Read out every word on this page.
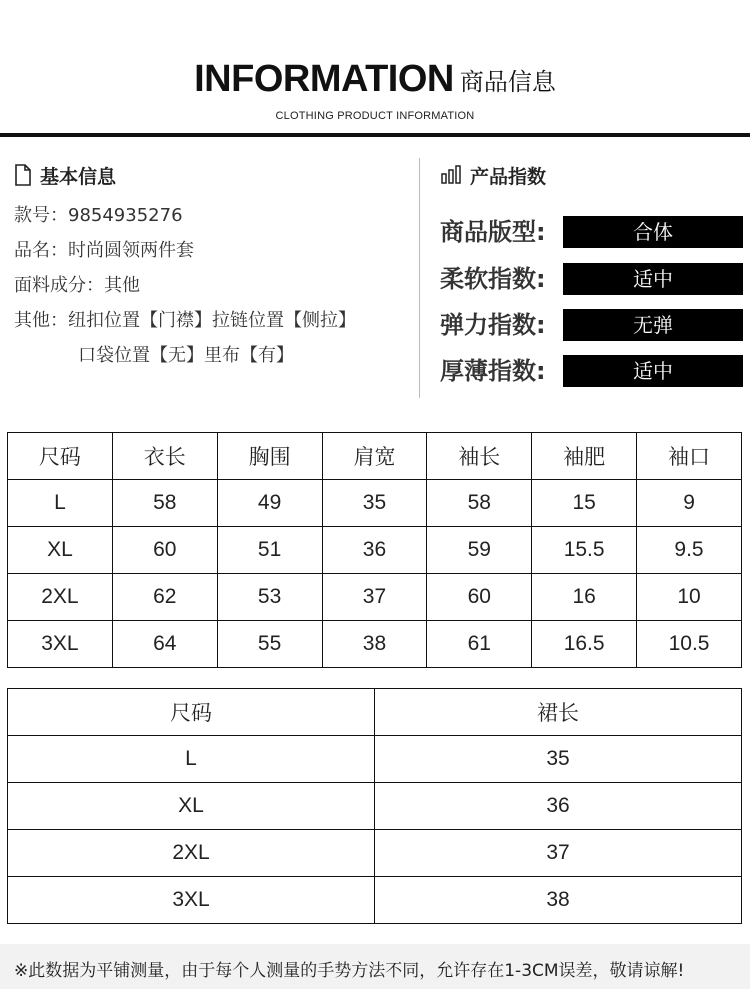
INFORMATION 商品信息
CLOTHING PRODUCT INFORMATION
基本信息
款号：9854935276
品名：时尚圆领两件套
面料成分：其他
其他：纽扣位置【门襟】拉链位置【侧拉】
口袋位置【无】里布【有】
产品指数
商品版型:	合体
柔软指数:	适中
弹力指数:	无弹
厚薄指数:	适中
尺码	衣长	胸围	肩宽	袖长	袖肥	袖口
L	58	49	35	58	15	9
XL	60	51	36	59	15.5	9.5
2XL	62	53	37	60	16	10
3XL	64	55	38	61	16.5	10.5
尺码	裙长
L	35
XL	36
2XL	37
3XL	38
※此数据为平铺测量，由于每个人测量的手势方法不同，允许存在1-3CM误差，敬请谅解!
